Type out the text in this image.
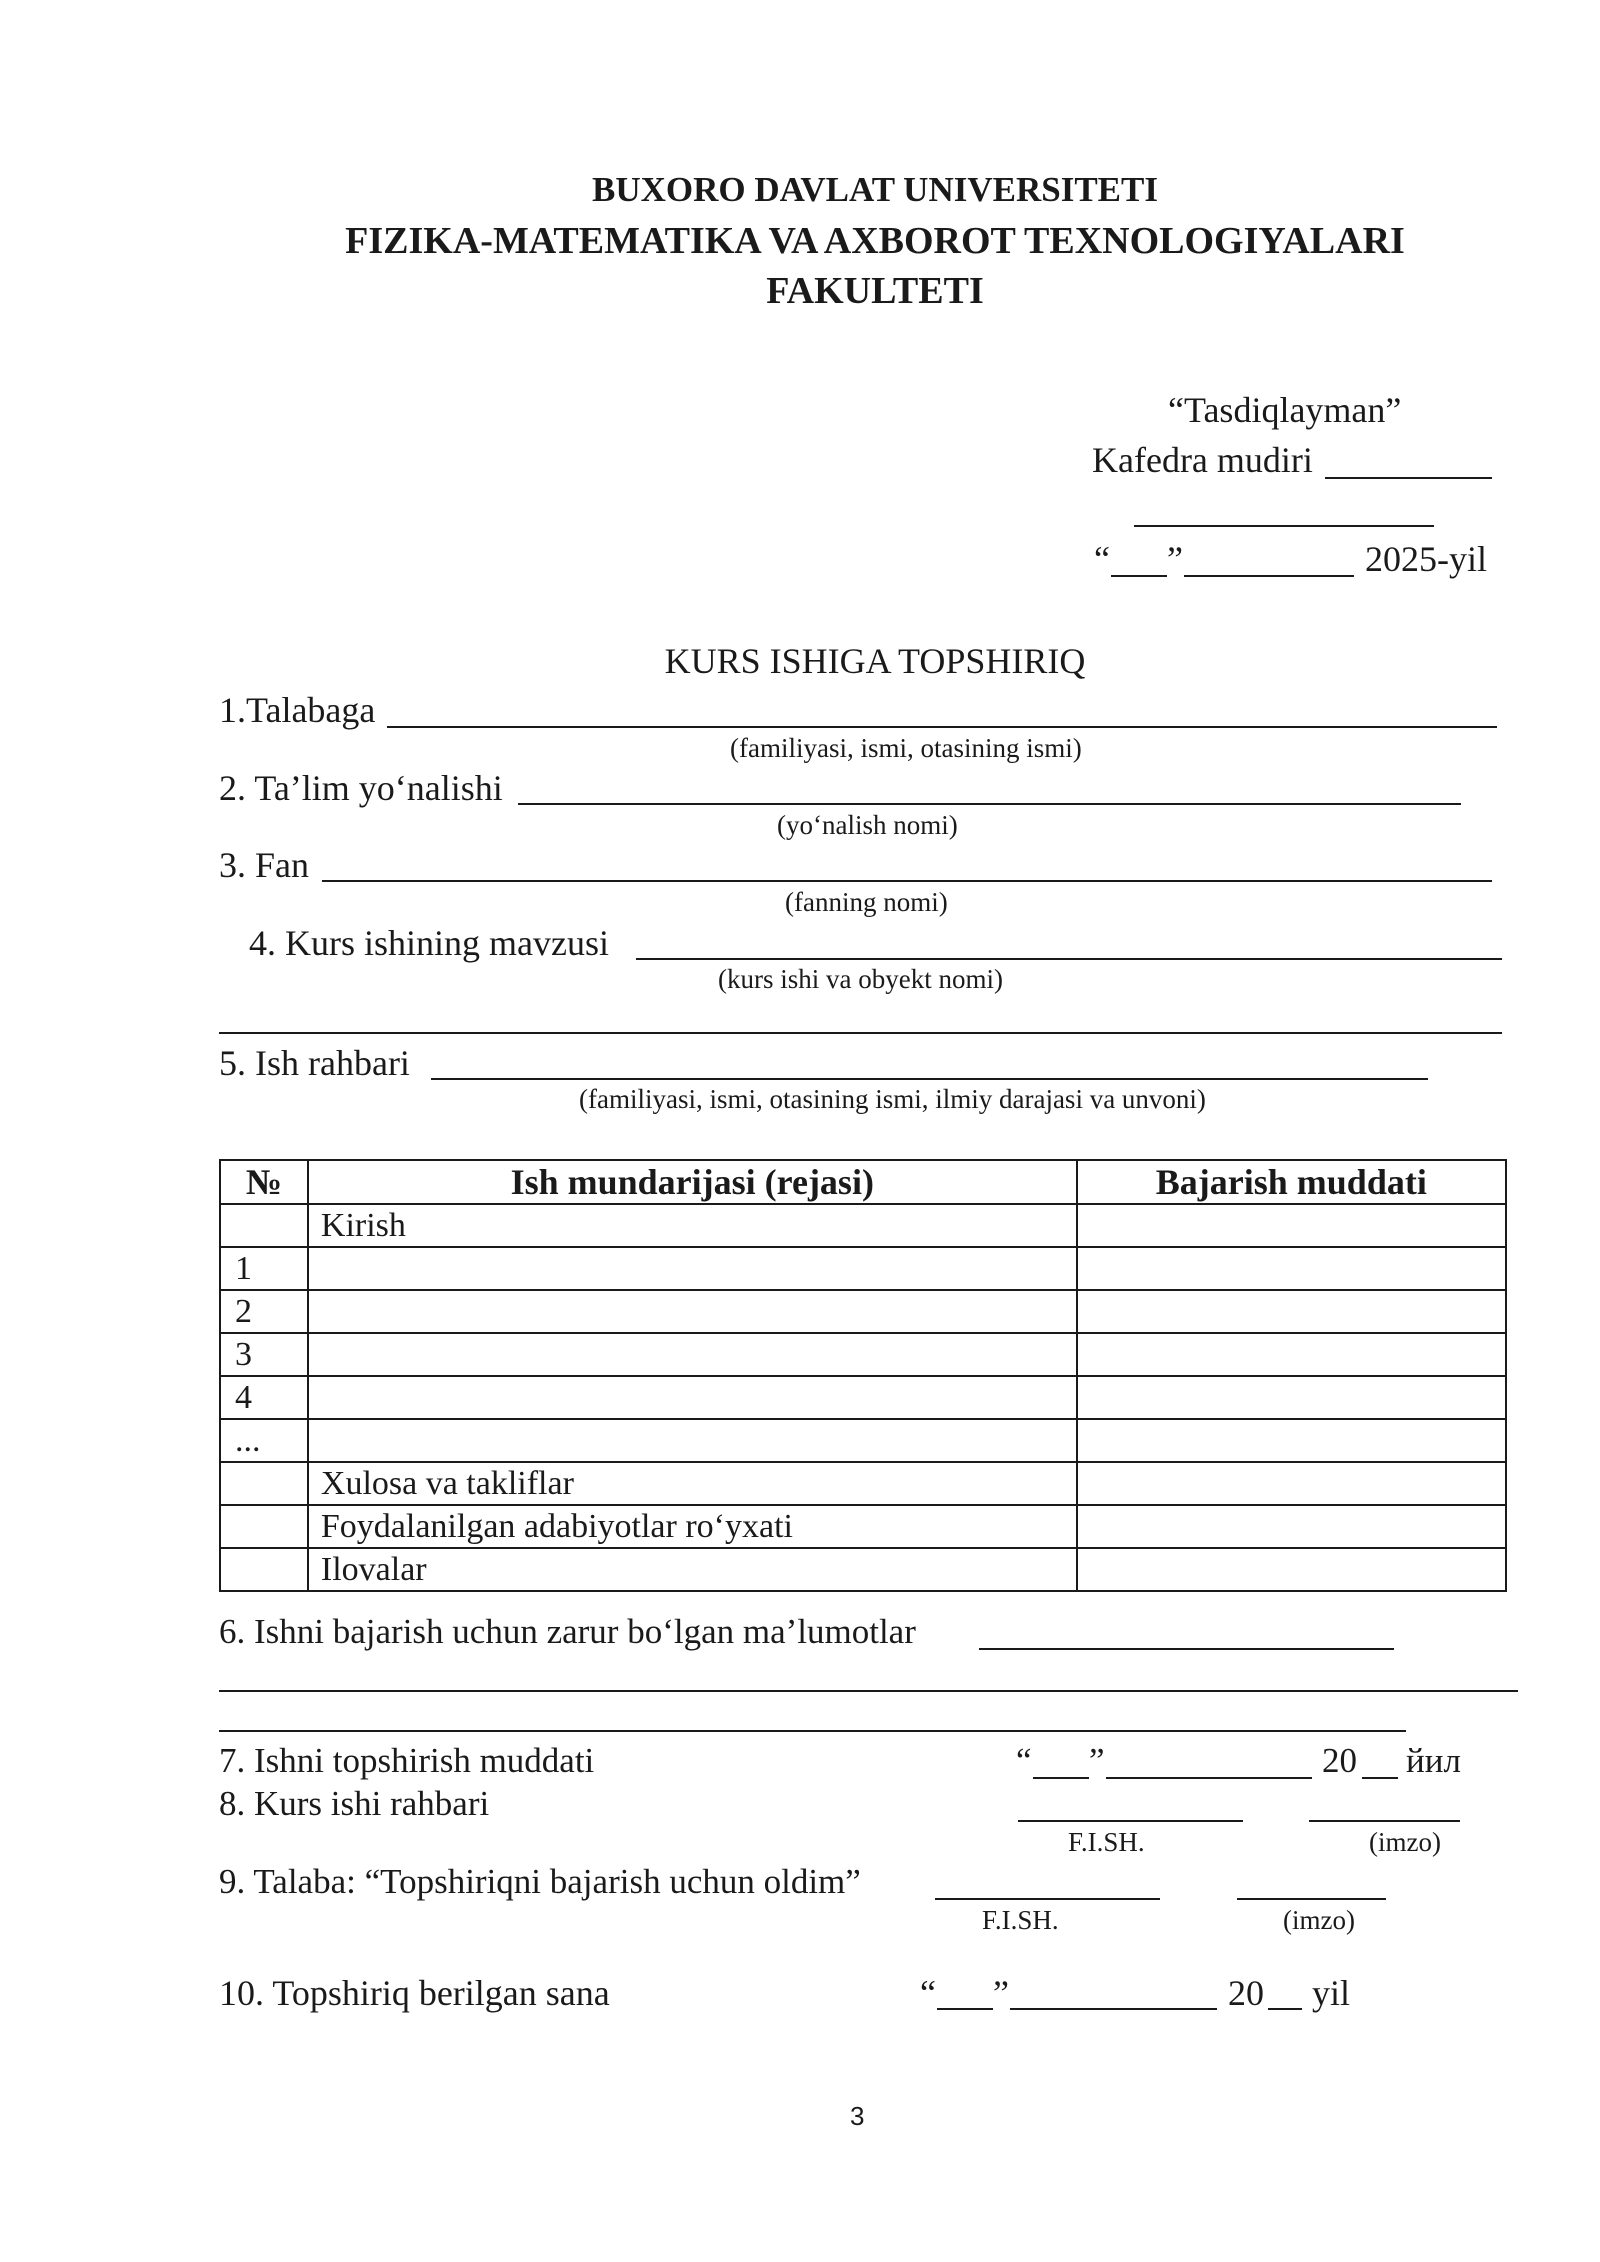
BUXORO DAVLAT UNIVERSITETI
FIZIKA-MATEMATIKA VA AXBOROT TEXNOLOGIYALARI
FAKULTETI
“Tasdiqlayman”
Kafedra mudiri
“ ”	2025-yil
KURS ISHIGA TOPSHIRIQ
1.Talabaga
(familiyasi, ismi, otasining ismi)
2. Ta’lim yo‘nalishi
(yo‘nalish nomi)
3. Fan
(fanning nomi)
4. Kurs ishining mavzusi
(kurs ishi va obyekt nomi)
5. Ish rahbari
(familiyasi, ismi, otasining ismi, ilmiy darajasi va unvoni)
№	Ish mundarijasi (rejasi)	Bajarish muddati
	Kirish	
1		
2		
3		
4		
...		
	Xulosa va takliflar	
	Foydalanilgan adabiyotlar ro‘yxati	
	Ilovalar	
6. Ishni bajarish uchun zarur bo‘lgan ma’lumotlar
7. Ishni topshirish muddati	“ ”	20 йил
8. Kurs ishi rahbari
F.I.SH.	(imzo)
9. Talaba: “Topshiriqni bajarish uchun oldim”
F.I.SH.	(imzo)
10. Topshiriq berilgan sana	“ ”	20 yil
3
